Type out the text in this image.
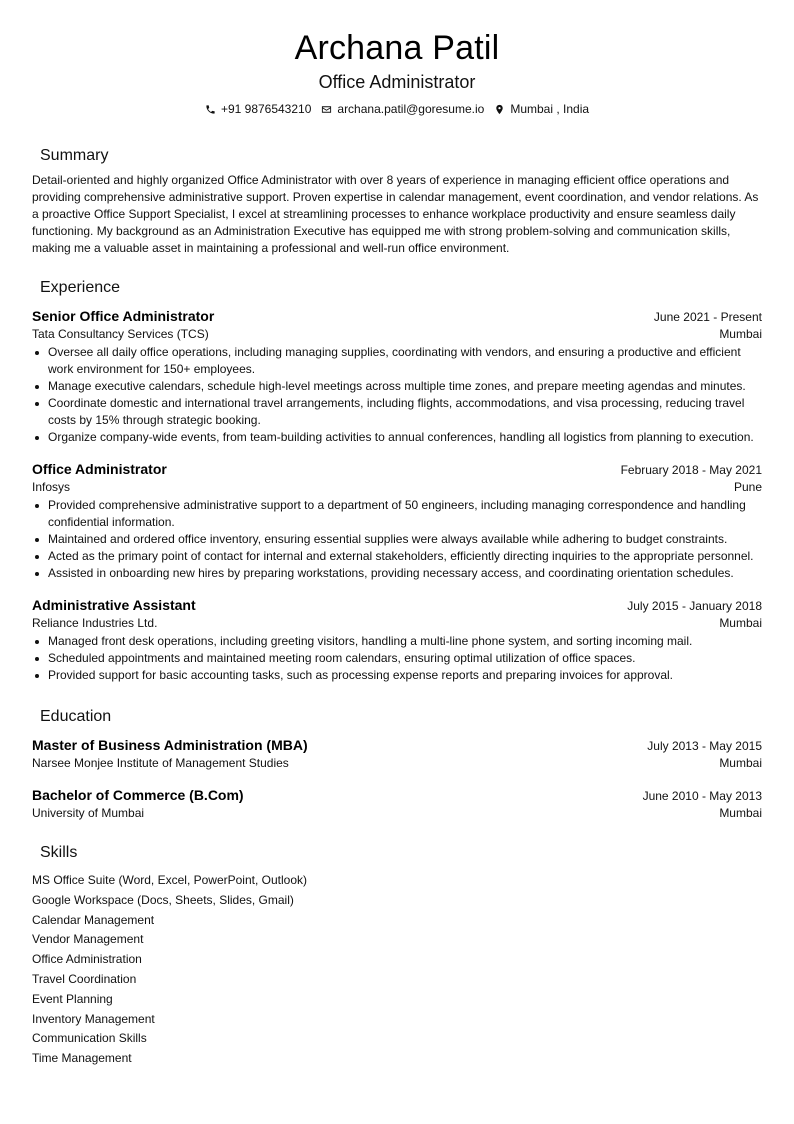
Archana Patil
Office Administrator
+91 9876543210 archana.patil@goresume.io Mumbai , India
Summary
Detail-oriented and highly organized Office Administrator with over 8 years of experience in managing efficient office operations and providing comprehensive administrative support. Proven expertise in calendar management, event coordination, and vendor relations. As a proactive Office Support Specialist, I excel at streamlining processes to enhance workplace productivity and ensure seamless daily functioning. My background as an Administration Executive has equipped me with strong problem-solving and communication skills, making me a valuable asset in maintaining a professional and well-run office environment.
Experience
Senior Office Administrator	June 2021 - Present
Tata Consultancy Services (TCS)	Mumbai
Oversee all daily office operations, including managing supplies, coordinating with vendors, and ensuring a productive and efficient work environment for 150+ employees.
Manage executive calendars, schedule high-level meetings across multiple time zones, and prepare meeting agendas and minutes.
Coordinate domestic and international travel arrangements, including flights, accommodations, and visa processing, reducing travel costs by 15% through strategic booking.
Organize company-wide events, from team-building activities to annual conferences, handling all logistics from planning to execution.
Office Administrator	February 2018 - May 2021
Infosys	Pune
Provided comprehensive administrative support to a department of 50 engineers, including managing correspondence and handling confidential information.
Maintained and ordered office inventory, ensuring essential supplies were always available while adhering to budget constraints.
Acted as the primary point of contact for internal and external stakeholders, efficiently directing inquiries to the appropriate personnel.
Assisted in onboarding new hires by preparing workstations, providing necessary access, and coordinating orientation schedules.
Administrative Assistant	July 2015 - January 2018
Reliance Industries Ltd.	Mumbai
Managed front desk operations, including greeting visitors, handling a multi-line phone system, and sorting incoming mail.
Scheduled appointments and maintained meeting room calendars, ensuring optimal utilization of office spaces.
Provided support for basic accounting tasks, such as processing expense reports and preparing invoices for approval.
Education
Master of Business Administration (MBA)	July 2013 - May 2015
Narsee Monjee Institute of Management Studies	Mumbai
Bachelor of Commerce (B.Com)	June 2010 - May 2013
University of Mumbai	Mumbai
Skills
MS Office Suite (Word, Excel, PowerPoint, Outlook)
Google Workspace (Docs, Sheets, Slides, Gmail)
Calendar Management
Vendor Management
Office Administration
Travel Coordination
Event Planning
Inventory Management
Communication Skills
Time Management
